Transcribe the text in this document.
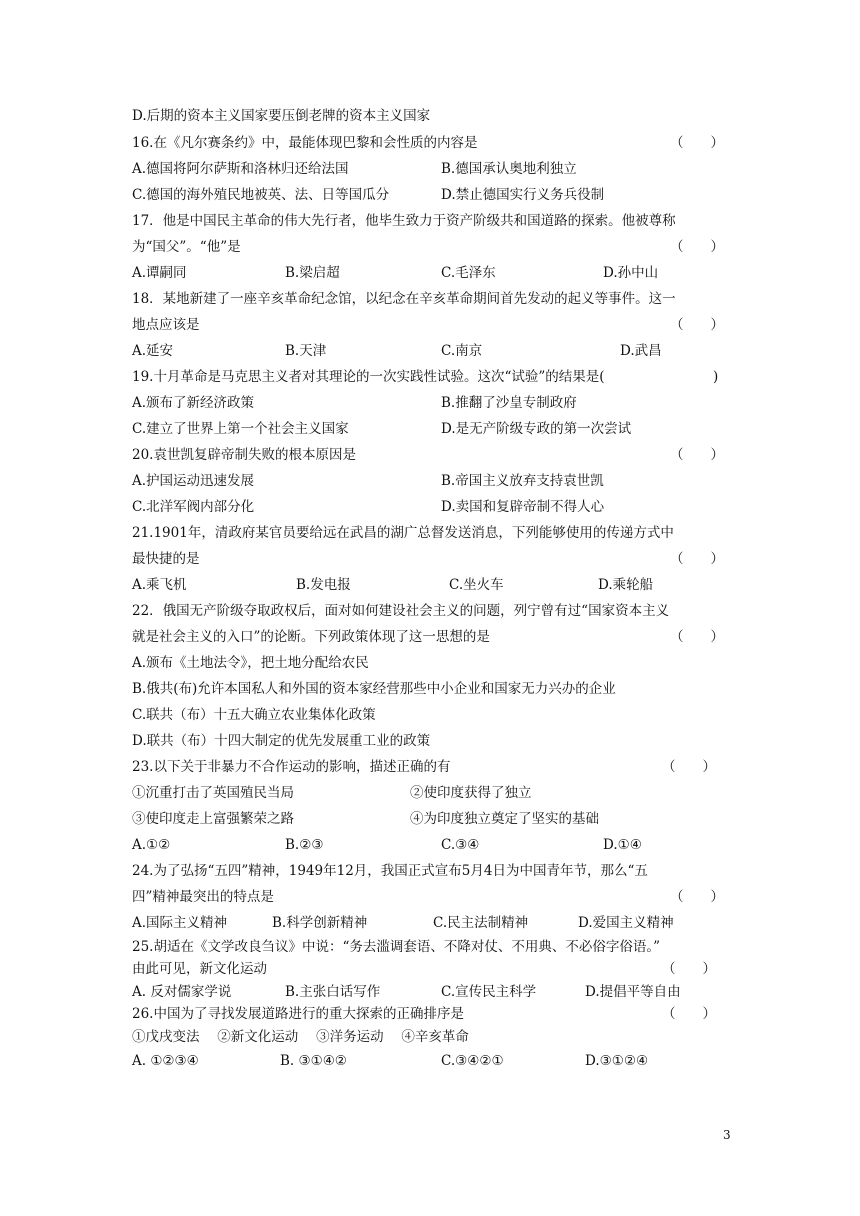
D.后期的资本主义国家要压倒老牌的资本主义国家
16.在《凡尔赛条约》中，最能体现巴黎和会性质的内容是	（　　）
A.德国将阿尔萨斯和洛林归还给法国	B.德国承认奥地利独立
C.德国的海外殖民地被英、法、日等国瓜分	D.禁止德国实行义务兵役制
17．他是中国民主革命的伟大先行者，他毕生致力于资产阶级共和国道路的探索。他被尊称
为“国父”。“他”是	（　　）
A.谭嗣同	B.梁启超	C.毛泽东	D.孙中山
18．某地新建了一座辛亥革命纪念馆，以纪念在辛亥革命期间首先发动的起义等事件。这一
地点应该是	（　　）
A.延安	B.天津	C.南京	D.武昌
19.十月革命是马克思主义者对其理论的一次实践性试验。这次“试验”的结果是(	　　)
A.颁布了新经济政策	B.推翻了沙皇专制政府
C.建立了世界上第一个社会主义国家	D.是无产阶级专政的第一次尝试
20.袁世凯复辟帝制失败的根本原因是	（　　）
A.护国运动迅速发展	B.帝国主义放弃支持袁世凯
C.北洋军阀内部分化	D.卖国和复辟帝制不得人心
21.1901年，清政府某官员要给远在武昌的湖广总督发送消息，下列能够使用的传递方式中
最快捷的是	（　　）
A.乘飞机	B.发电报	C.坐火车	D.乘轮船
22．俄国无产阶级夺取政权后，面对如何建设社会主义的问题，列宁曾有过“国家资本主义
就是社会主义的入口”的论断。下列政策体现了这一思想的是	（　　）
A.颁布《土地法令》，把土地分配给农民
B.俄共(布)允许本国私人和外国的资本家经营那些中小企业和国家无力兴办的企业
C.联共（布）十五大确立农业集体化政策
D.联共（布）十四大制定的优先发展重工业的政策
23.以下关于非暴力不合作运动的影响，描述正确的有	（　　）
①沉重打击了英国殖民当局	②使印度获得了独立
③使印度走上富强繁荣之路	④为印度独立奠定了坚实的基础
A.①②	B.②③	C.③④	D.①④
24.为了弘扬“五四”精神，1949年12月，我国正式宣布5月4日为中国青年节，那么“五
四”精神最突出的特点是	（　　）
A.国际主义精神	B.科学创新精神	C.民主法制精神	D.爱国主义精神
25.胡适在《文学改良刍议》中说：“务去滥调套语、不降对仗、不用典、不必俗字俗语。”
由此可见，新文化运动	（　　）
A. 反对儒家学说	B.主张白话写作	C.宣传民主科学	D.提倡平等自由
26.中国为了寻找发展道路进行的重大探索的正确排序是	（　　）
①戊戌变法　 ②新文化运动　 ③洋务运动　 ④辛亥革命
A. ①②③④	B. ③①④②	C.③④②①	D.③①②④
3
